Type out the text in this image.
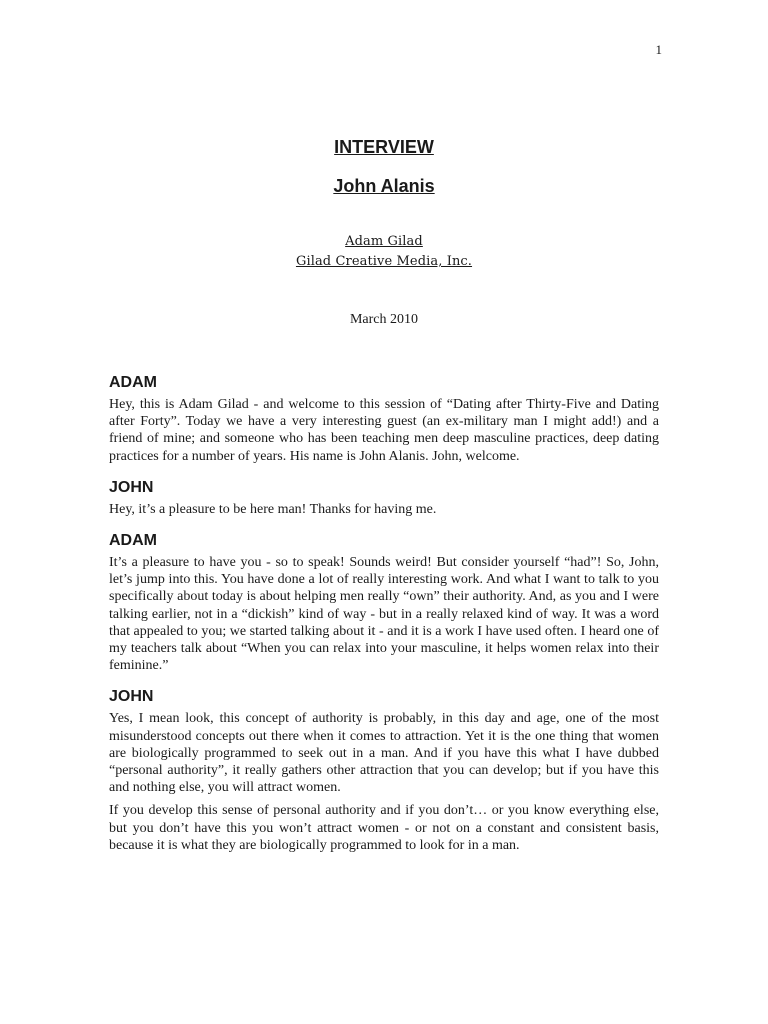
1
INTERVIEW
John Alanis
Adam Gilad
Gilad Creative Media, Inc.
March 2010
ADAM

Hey, this is Adam Gilad - and welcome to this session of “Dating after Thirty-Five and Dating after Forty”. Today we have a very interesting guest (an ex-military man I might add!) and a friend of mine; and someone who has been teaching men deep masculine practices, deep dating practices for a number of years. His name is John Alanis. John, welcome.

JOHN

Hey, it’s a pleasure to be here man! Thanks for having me.

ADAM

It’s a pleasure to have you - so to speak! Sounds weird! But consider yourself “had”! So, John, let’s jump into this. You have done a lot of really interesting work. And what I want to talk to you specifically about today is about helping men really “own” their authority. And, as you and I were talking earlier, not in a “dickish” kind of way - but in a really relaxed kind of way. It was a word that appealed to you; we started talking about it - and it is a work I have used often. I heard one of my teachers talk about “When you can relax into your masculine, it helps women relax into their feminine.”

JOHN

Yes, I mean look, this concept of authority is probably, in this day and age, one of the most misunderstood concepts out there when it comes to attraction. Yet it is the one thing that women are biologically programmed to seek out in a man. And if you have this what I have dubbed “personal authority”, it really gathers other attraction that you can develop; but if you have this and nothing else, you will attract women.

If you develop this sense of personal authority and if you don’t… or you know everything else, but you don’t have this you won’t attract women - or not on a constant and consistent basis, because it is what they are biologically programmed to look for in a man.
